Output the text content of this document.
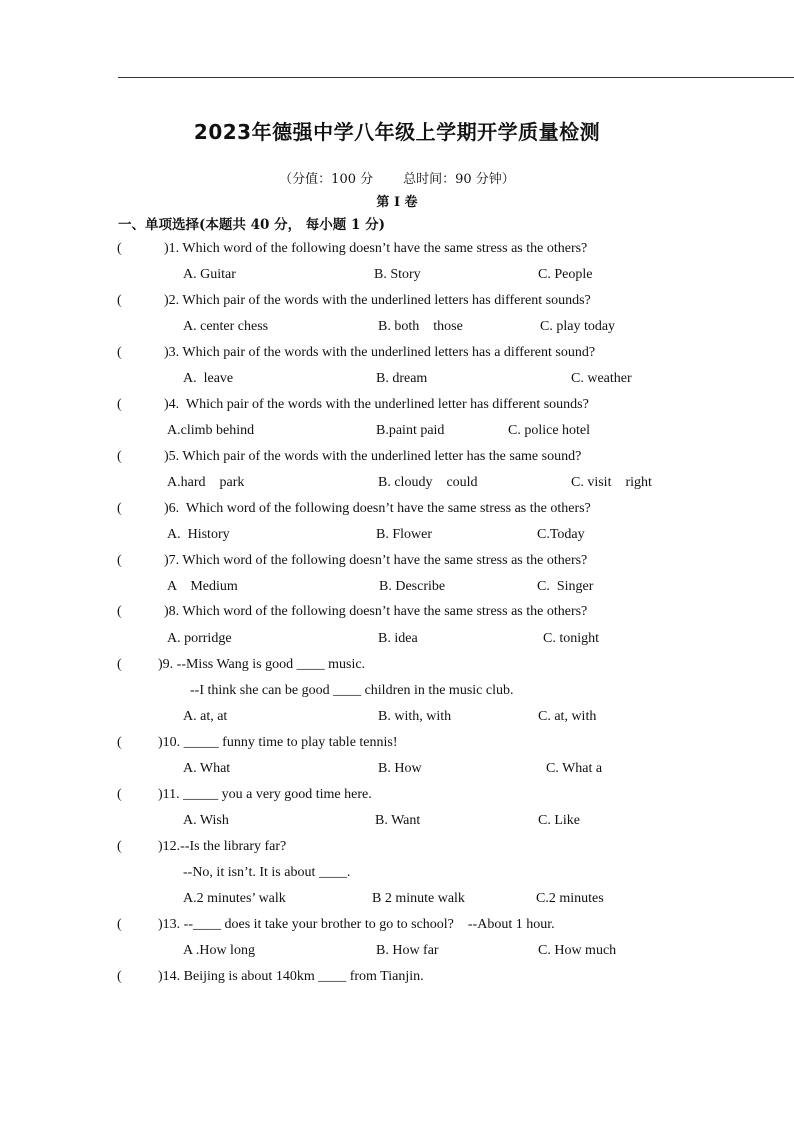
2023年德强中学八年级上学期开学质量检测
（分值：100 分 总时间：90 分钟）
第 I 卷
一、单项选择(本题共 40 分， 每小题 1 分)
(	)1. Which word of the following doesn’t have the same stress as the others?
A. Guitar	B. Story	C. People
(	)2. Which pair of the words with the underlined letters has different sounds?
A. center chess	B. both    those	C. play today
(	)3. Which pair of the words with the underlined letters has a different sound?
A.  leave	B. dream	C. weather
(	)4.  Which pair of the words with the underlined letter has different sounds?
A.climb behind	B.paint paid	C. police hotel
(	)5. Which pair of the words with the underlined letter has the same sound?
A.hard    park	B. cloudy    could	C. visit    right
(	)6.  Which word of the following doesn’t have the same stress as the others?
A.  History	B. Flower	C.Today
(	)7. Which word of the following doesn’t have the same stress as the others?
A    Medium	B. Describe	C.  Singer
(	)8. Which word of the following doesn’t have the same stress as the others?
A. porridge	B. idea	C. tonight
(	)9. --Miss Wang is good ____ music.
--I think she can be good ____ children in the music club.
A. at, at	B. with, with	C. at, with
(	)10. _____ funny time to play table tennis!
A. What	B. How	C. What a
(	)11. _____ you a very good time here.
A. Wish	B. Want	C. Like
(	)12.--Is the library far?
--No, it isn’t. It is about ____.
A.2 minutes’ walk	B 2 minute walk	C.2 minutes
(	)13. --____ does it take your brother to go to school?    --About 1 hour.
A .How long	B. How far	C. How much
(	)14. Beijing is about 140km ____ from Tianjin.
